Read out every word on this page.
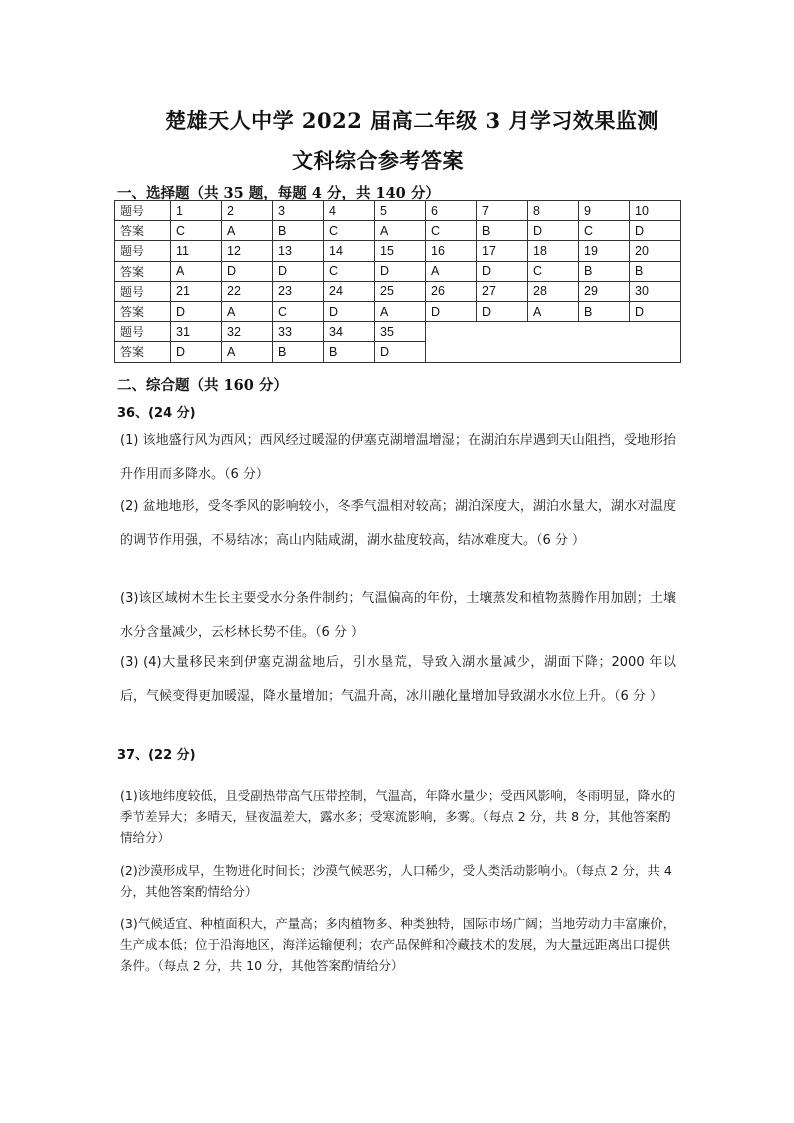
楚雄天人中学 2022 届高二年级 3 月学习效果监测
文科综合参考答案
一、选择题（共 35 题，每题 4 分，共 140 分）
题号	1	2	3	4	5	6	7	8	9	10
答案	C	A	B	C	A	C	B	D	C	D
题号	11	12	13	14	15	16	17	18	19	20
答案	A	D	D	C	D	A	D	C	B	B
题号	21	22	23	24	25	26	27	28	29	30
答案	D	A	C	D	A	D	D	A	B	D
题号	31	32	33	34	35					
答案	D	A	B	B	D					
二、综合题（共 160 分）
36、(24 分)
(1) 该地盛行风为西风；西风经过暖湿的伊塞克湖增温增湿；在湖泊东岸遇到天山阻挡，受地形抬升作用而多降水。（6 分）
(2) 盆地地形，受冬季风的影响较小，冬季气温相对较高；湖泊深度大，湖泊水量大，湖水对温度的调节作用强，不易结冰；高山内陆咸湖，湖水盐度较高，结冰难度大。（6 分 ）
(3)该区域树木生长主要受水分条件制约；气温偏高的年份，土壤蒸发和植物蒸腾作用加剧；土壤水分含量减少，云杉林长势不佳。（6 分 ）
(3) (4)大量移民来到伊塞克湖盆地后，引水垦荒，导致入湖水量减少，湖面下降；2000 年以后，气候变得更加暖湿，降水量增加；气温升高，冰川融化量增加导致湖水水位上升。（6 分 ）
37、(22 分)
(1)该地纬度较低，且受副热带高气压带控制，气温高，年降水量少；受西风影响，冬雨明显，降水的季节差异大；多晴天，昼夜温差大，露水多；受寒流影响，多雾。（每点 2 分，共 8 分，其他答案酌情给分）
(2)沙漠形成早，生物进化时间长；沙漠气候恶劣，人口稀少，受人类活动影响小。（每点 2 分，共 4 分，其他答案酌情给分）
(3)气候适宜、种植面积大，产量高；多肉植物多、种类独特，国际市场广阔；当地劳动力丰富廉价，生产成本低；位于沿海地区，海洋运输便利；农产品保鲜和冷藏技术的发展，为大量远距离出口提供条件。（每点 2 分，共 10 分，其他答案酌情给分）
